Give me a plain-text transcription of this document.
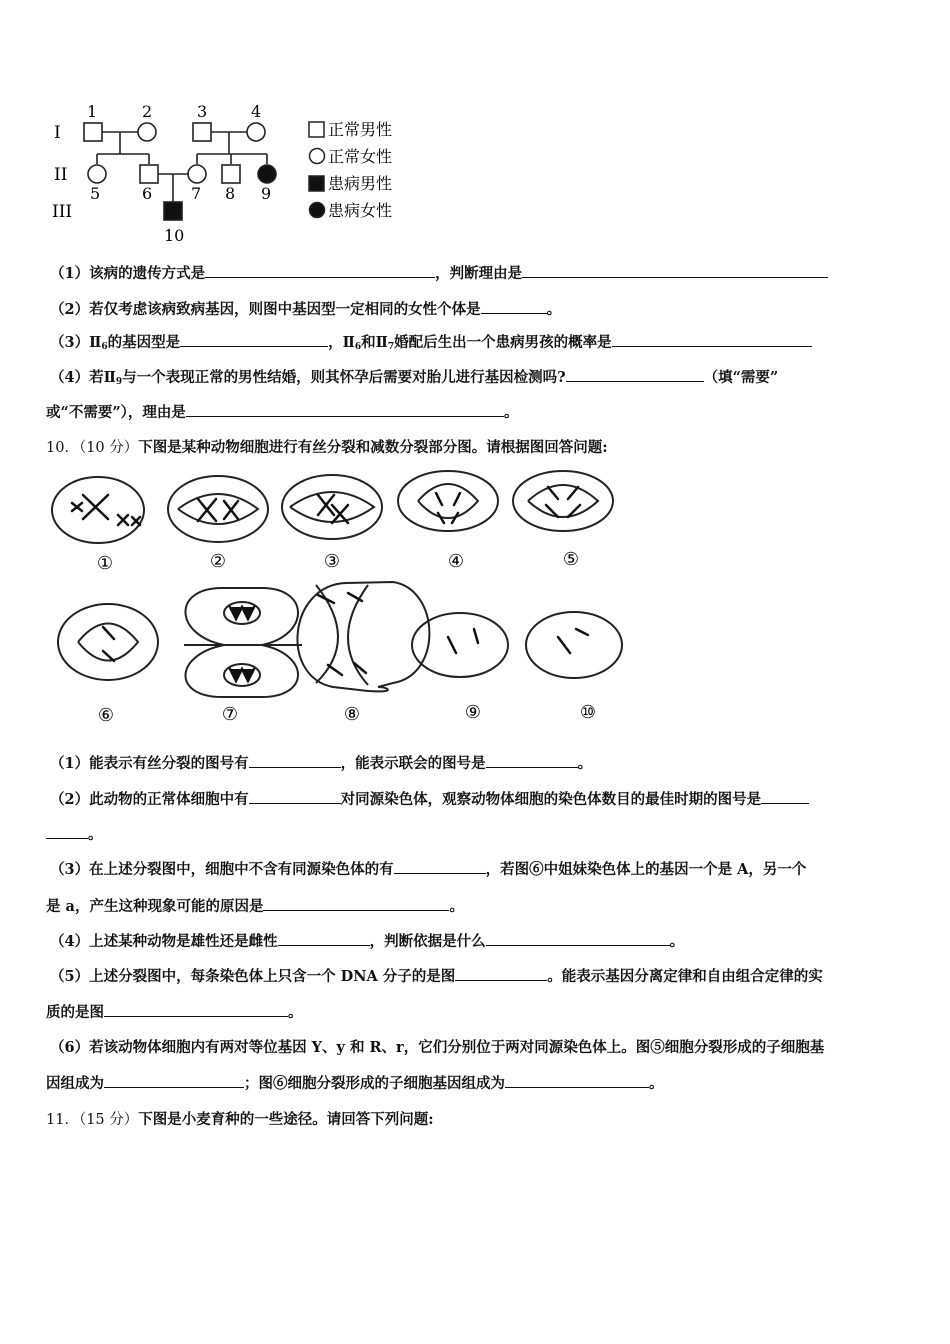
I
II
III
1	2	3	4
5	6 7 8 9
10
正常男性
正常女性
患病男性
患病女性
（1）该病的遗传方式是	，判断理由是
（2）若仅考虑该病致病基因，则图中基因型一定相同的女性个体是	。
$(3)Ⅱ_6$的基因型是	，$Ⅱ_6$和$Ⅱ_7$婚配后生出一个患病男孩的概率是
（4）若$Ⅱ_9$与一个表现正常的男性结婚，则其怀孕后需要对胎儿进行基因检测吗?	（填“需要”
或“不需要”），理由是	。
10．（10 分）下图是某种动物细胞进行有丝分裂和减数分裂部分图。请根据图回答问题:
①	②	③	④	⑤
⑥	⑦	⑧	⑨	⑩
（1）能表示有丝分裂的图号有	，能表示联会的图号是	。
（2）此动物的正常体细胞中有	对同源染色体，观察动物体细胞的染色体数目的最佳时期的图号是
。
（3）在上述分裂图中，细胞中不含有同源染色体的有	，若图⑥中姐妹染色体上的基因一个是 A，另一个
是 a，产生这种现象可能的原因是	。
（4）上述某种动物是雄性还是雌性	，判断依据是什么	。
（5）上述分裂图中，每条染色体上只含一个 DNA 分子的是图	。能表示基因分离定律和自由组合定律的实
质的是图	。
（6）若该动物体细胞内有两对等位基因 Y、y 和 R、r，它们分别位于两对同源染色体上。图⑤细胞分裂形成的子细胞基
因组成为	；图⑥细胞分裂形成的子细胞基因组成为	。
11．（15 分）下图是小麦育种的一些途径。请回答下列问题:
